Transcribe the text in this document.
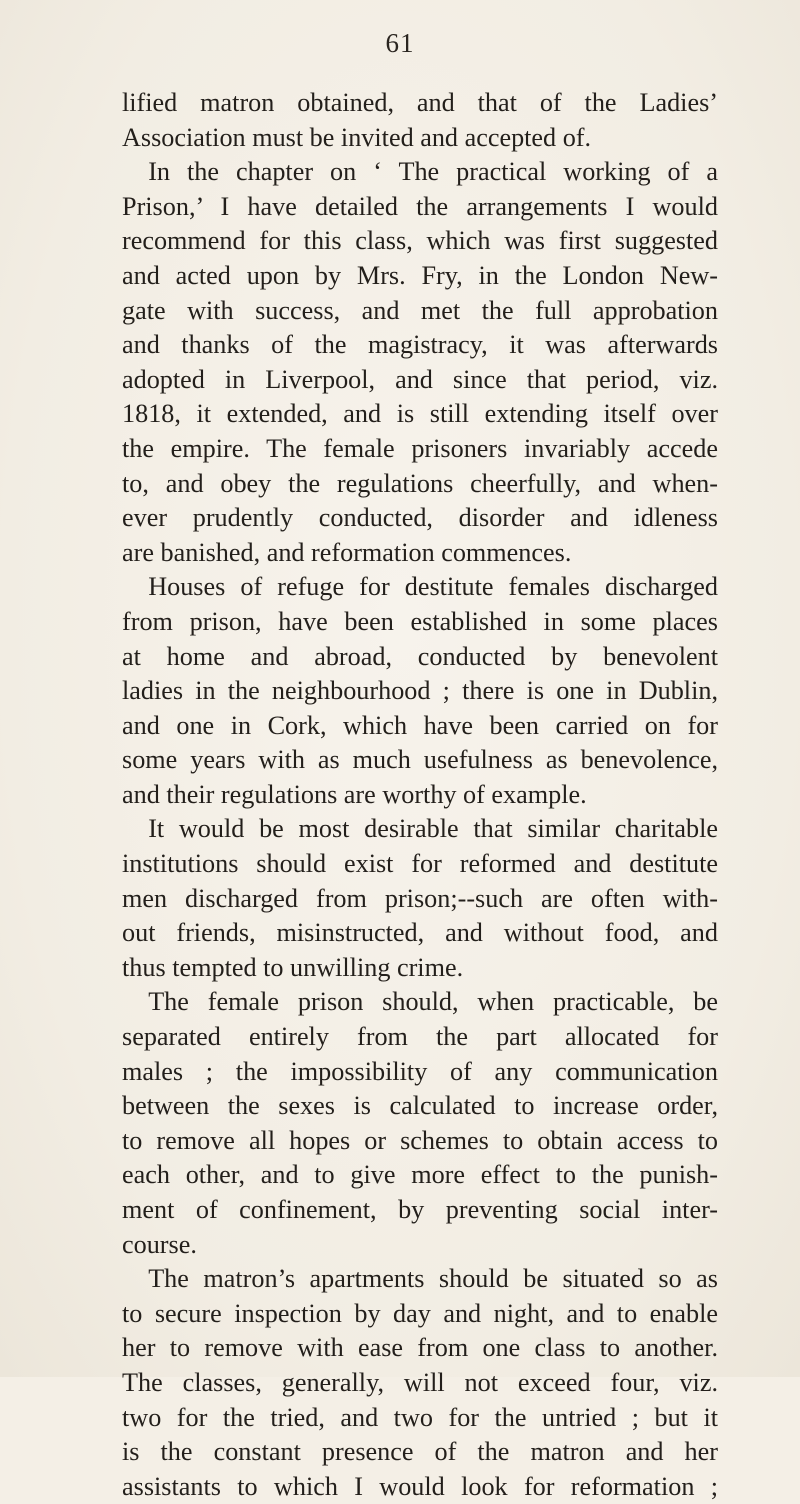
61
lified matron obtained, and that of the Ladies’
Association must be invited and accepted of.
 In the chapter on ‘ The practical working of a
Prison,’ I have detailed the arrangements I would
recommend for this class, which was first suggested
and acted upon by Mrs. Fry, in the London New-
gate with success, and met the full approbation
and thanks of the magistracy, it was afterwards
adopted in Liverpool, and since that period, viz.
1818, it extended, and is still extending itself over
the empire. The female prisoners invariably accede
to, and obey the regulations cheerfully, and when-
ever prudently conducted, disorder and idleness
are banished, and reformation commences.
 Houses of refuge for destitute females discharged
from prison, have been established in some places
at home and abroad, conducted by benevolent
ladies in the neighbourhood ; there is one in Dublin,
and one in Cork, which have been carried on for
some years with as much usefulness as benevolence,
and their regulations are worthy of example.
 It would be most desirable that similar charitable
institutions should exist for reformed and destitute
men discharged from prison;--such are often with-
out friends, misinstructed, and without food, and
thus tempted to unwilling crime.
 The female prison should, when practicable, be
separated entirely from the part allocated for
males ; the impossibility of any communication
between the sexes is calculated to increase order,
to remove all hopes or schemes to obtain access to
each other, and to give more effect to the punish-
ment of confinement, by preventing social inter-
course.
 The matron’s apartments should be situated so as
to secure inspection by day and night, and to enable
her to remove with ease from one class to another.
The classes, generally, will not exceed four, viz.
two for the tried, and two for the untried ; but it
is the constant presence of the matron and her
assistants to which I would look for reformation ;
